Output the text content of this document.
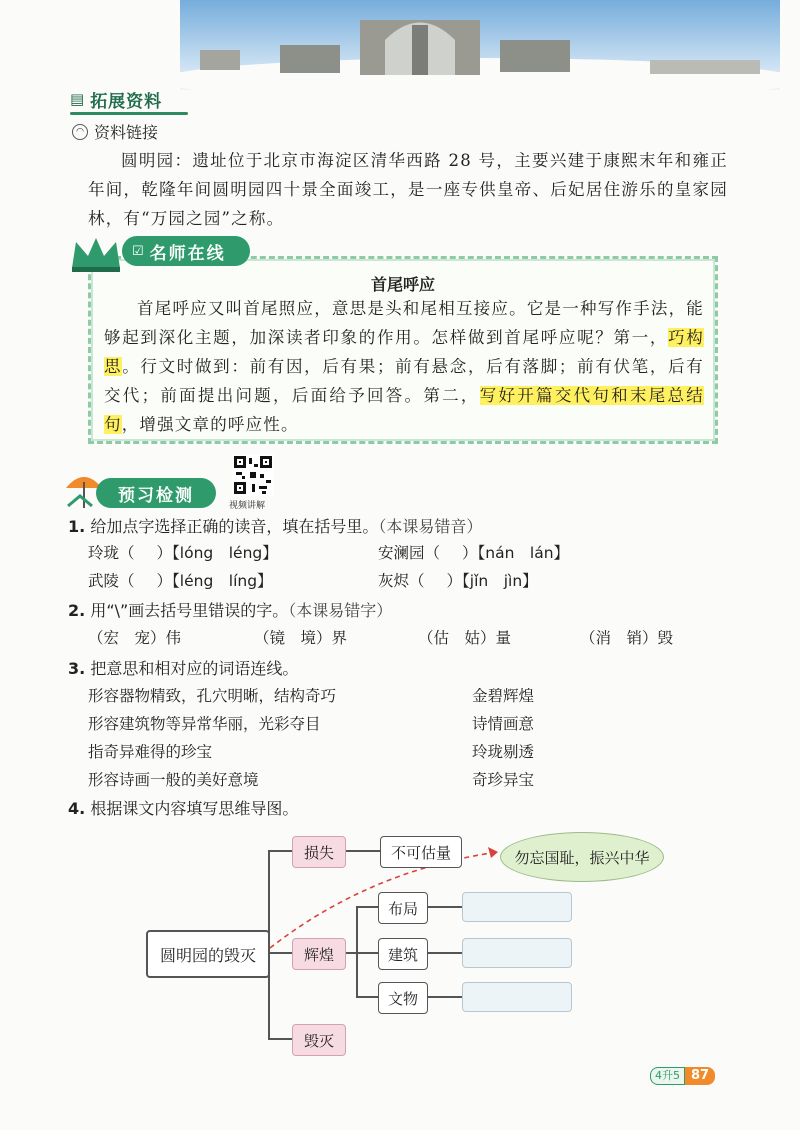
▤ 拓展资料
◠ 资料链接
圆明园：遗址位于北京市海淀区清华西路 28 号，主要兴建于康熙末年和雍正年间，乾隆年间圆明园四十景全面竣工，是一座专供皇帝、后妃居住游乐的皇家园林，有“万园之园”之称。
☑ 名师在线
首尾呼应
首尾呼应又叫首尾照应，意思是头和尾相互接应。它是一种写作手法，能够起到深化主题，加深读者印象的作用。怎样做到首尾呼应呢？第一，巧构思。行文时做到：前有因，后有果；前有悬念，后有落脚；前有伏笔，后有交代；前面提出问题，后面给予回答。第二，写好开篇交代句和末尾总结句，增强文章的呼应性。
预习检测
视频讲解
1. 给加点字选择正确的读音，填在括号里。（本课易错音）
玲珑（ ）【lóng　léng】	安澜园（ ）【nán　lán】
武陵（ ）【léng　líng】	灰烬（ ）【jǐn　jìn】
2. 用“\”画去括号里错误的字。（本课易错字）
（宏　宠）伟	（镜　境）界	（估　姑）量	（消　销）毁
3. 把意思和相对应的词语连线。
形容器物精致，孔穴明晰，结构奇巧
形容建筑物等异常华丽，光彩夺目
指奇异难得的珍宝
形容诗画一般的美好意境
金碧辉煌
诗情画意
玲珑剔透
奇珍异宝
4. 根据课文内容填写思维导图。
圆明园的毁灭
损失	不可估量
辉煌
布局
建筑
文物
毁灭
勿忘国耻，振兴中华
4升5 87
